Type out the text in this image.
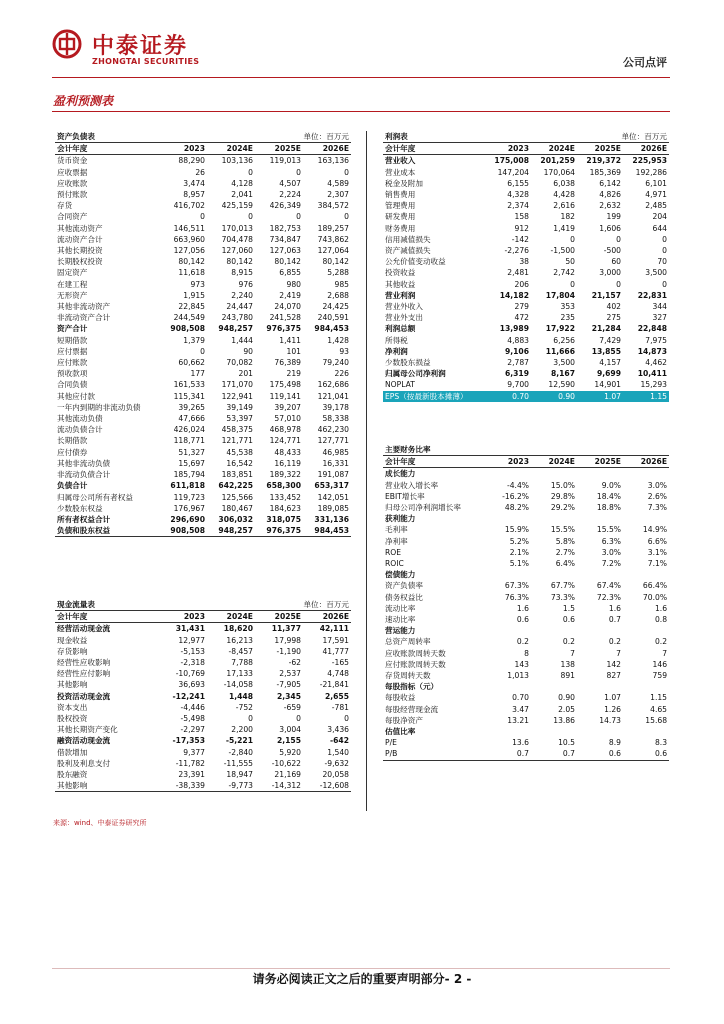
中泰证券
ZHONGTAI SECURITIES	公司点评
盈利预测表
资产负债表		单位：百万元		
会计年度	2023	2024E	2025E	2026E
货币资金	88,290	103,136	119,013	163,136
应收票据	26	0	0	0
应收账款	3,474	4,128	4,507	4,589
预付账款	8,957	2,041	2,224	2,307
存货	416,702	425,159	426,349	384,572
合同资产	0	0	0	0
其他流动资产	146,511	170,013	182,753	189,257
流动资产合计	663,960	704,478	734,847	743,862
其他长期投资	127,056	127,060	127,063	127,064
长期股权投资	80,142	80,142	80,142	80,142
固定资产	11,618	8,915	6,855	5,288
在建工程	973	976	980	985
无形资产	1,915	2,240	2,419	2,688
其他非流动资产	22,845	24,447	24,070	24,425
非流动资产合计	244,549	243,780	241,528	240,591
资产合计	908,508	948,257	976,375	984,453
短期借款	1,379	1,444	1,411	1,428
应付票据	0	90	101	93
应付账款	60,662	70,082	76,389	79,240
预收款项	177	201	219	226
合同负债	161,533	171,070	175,498	162,686
其他应付款	115,341	122,941	119,141	121,041
一年内到期的非流动负债	39,265	39,149	39,207	39,178
其他流动负债	47,666	53,397	57,010	58,338
流动负债合计	426,024	458,375	468,978	462,230
长期借款	118,771	121,771	124,771	127,771
应付债券	51,327	45,538	48,433	46,985
其他非流动负债	15,697	16,542	16,119	16,331
非流动负债合计	185,794	183,851	189,322	191,087
负债合计	611,818	642,225	658,300	653,317
归属母公司所有者权益	119,723	125,566	133,452	142,051
少数股东权益	176,967	180,467	184,623	189,085
所有者权益合计	296,690	306,032	318,075	331,136
负债和股东权益	908,508	948,257	976,375	984,453
现金流量表		单位：百万元		
会计年度	2023	2024E	2025E	2026E
经营活动现金流	31,431	18,620	11,377	42,111
现金收益	12,977	16,213	17,998	17,591
存货影响	-5,153	-8,457	-1,190	41,777
经营性应收影响	-2,318	7,788	-62	-165
经营性应付影响	-10,769	17,133	2,537	4,748
其他影响	36,693	-14,058	-7,905	-21,841
投资活动现金流	-12,241	1,448	2,345	2,655
资本支出	-4,446	-752	-659	-781
股权投资	-5,498	0	0	0
其他长期资产变化	-2,297	2,200	3,004	3,436
融资活动现金流	-17,353	-5,221	2,155	-642
借款增加	9,377	-2,840	5,920	1,540
股利及利息支付	-11,782	-11,555	-10,622	-9,632
股东融资	23,391	18,947	21,169	20,058
其他影响	-38,339	-9,773	-14,312	-12,608
利润表		单位：百万元		
会计年度	2023	2024E	2025E	2026E
营业收入	175,008	201,259	219,372	225,953
营业成本	147,204	170,064	185,369	192,286
税金及附加	6,155	6,038	6,142	6,101
销售费用	4,328	4,428	4,826	4,971
管理费用	2,374	2,616	2,632	2,485
研发费用	158	182	199	204
财务费用	912	1,419	1,606	644
信用减值损失	-142	0	0	0
资产减值损失	-2,276	-1,500	-500	0
公允价值变动收益	38	50	60	70
投资收益	2,481	2,742	3,000	3,500
其他收益	206	0	0	0
营业利润	14,182	17,804	21,157	22,831
营业外收入	279	353	402	344
营业外支出	472	235	275	327
利润总额	13,989	17,922	21,284	22,848
所得税	4,883	6,256	7,429	7,975
净利润	9,106	11,666	13,855	14,873
少数股东损益	2,787	3,500	4,157	4,462
归属母公司净利润	6,319	8,167	9,699	10,411
NOPLAT	9,700	12,590	14,901	15,293
EPS（按最新股本摊薄）	0.70	0.90	1.07	1.15
主要财务比率				
会计年度	2023	2024E	2025E	2026E
成长能力				
营业收入增长率	-4.4%	15.0%	9.0%	3.0%
EBIT增长率	-16.2%	29.8%	18.4%	2.6%
归母公司净利润增长率	48.2%	29.2%	18.8%	7.3%
获利能力				
毛利率	15.9%	15.5%	15.5%	14.9%
净利率	5.2%	5.8%	6.3%	6.6%
ROE	2.1%	2.7%	3.0%	3.1%
ROIC	5.1%	6.4%	7.2%	7.1%
偿债能力				
资产负债率	67.3%	67.7%	67.4%	66.4%
债务权益比	76.3%	73.3%	72.3%	70.0%
流动比率	1.6	1.5	1.6	1.6
速动比率	0.6	0.6	0.7	0.8
营运能力				
总资产周转率	0.2	0.2	0.2	0.2
应收账款周转天数	8	7	7	7
应付账款周转天数	143	138	142	146
存货周转天数	1,013	891	827	759
每股指标（元）				
每股收益	0.70	0.90	1.07	1.15
每股经营现金流	3.47	2.05	1.26	4.65
每股净资产	13.21	13.86	14.73	15.68
估值比率				
P/E	13.6	10.5	8.9	8.3
P/B	0.7	0.7	0.6	0.6
来源：wind、中泰证券研究所
请务必阅读正文之后的重要声明部分- 2 -
